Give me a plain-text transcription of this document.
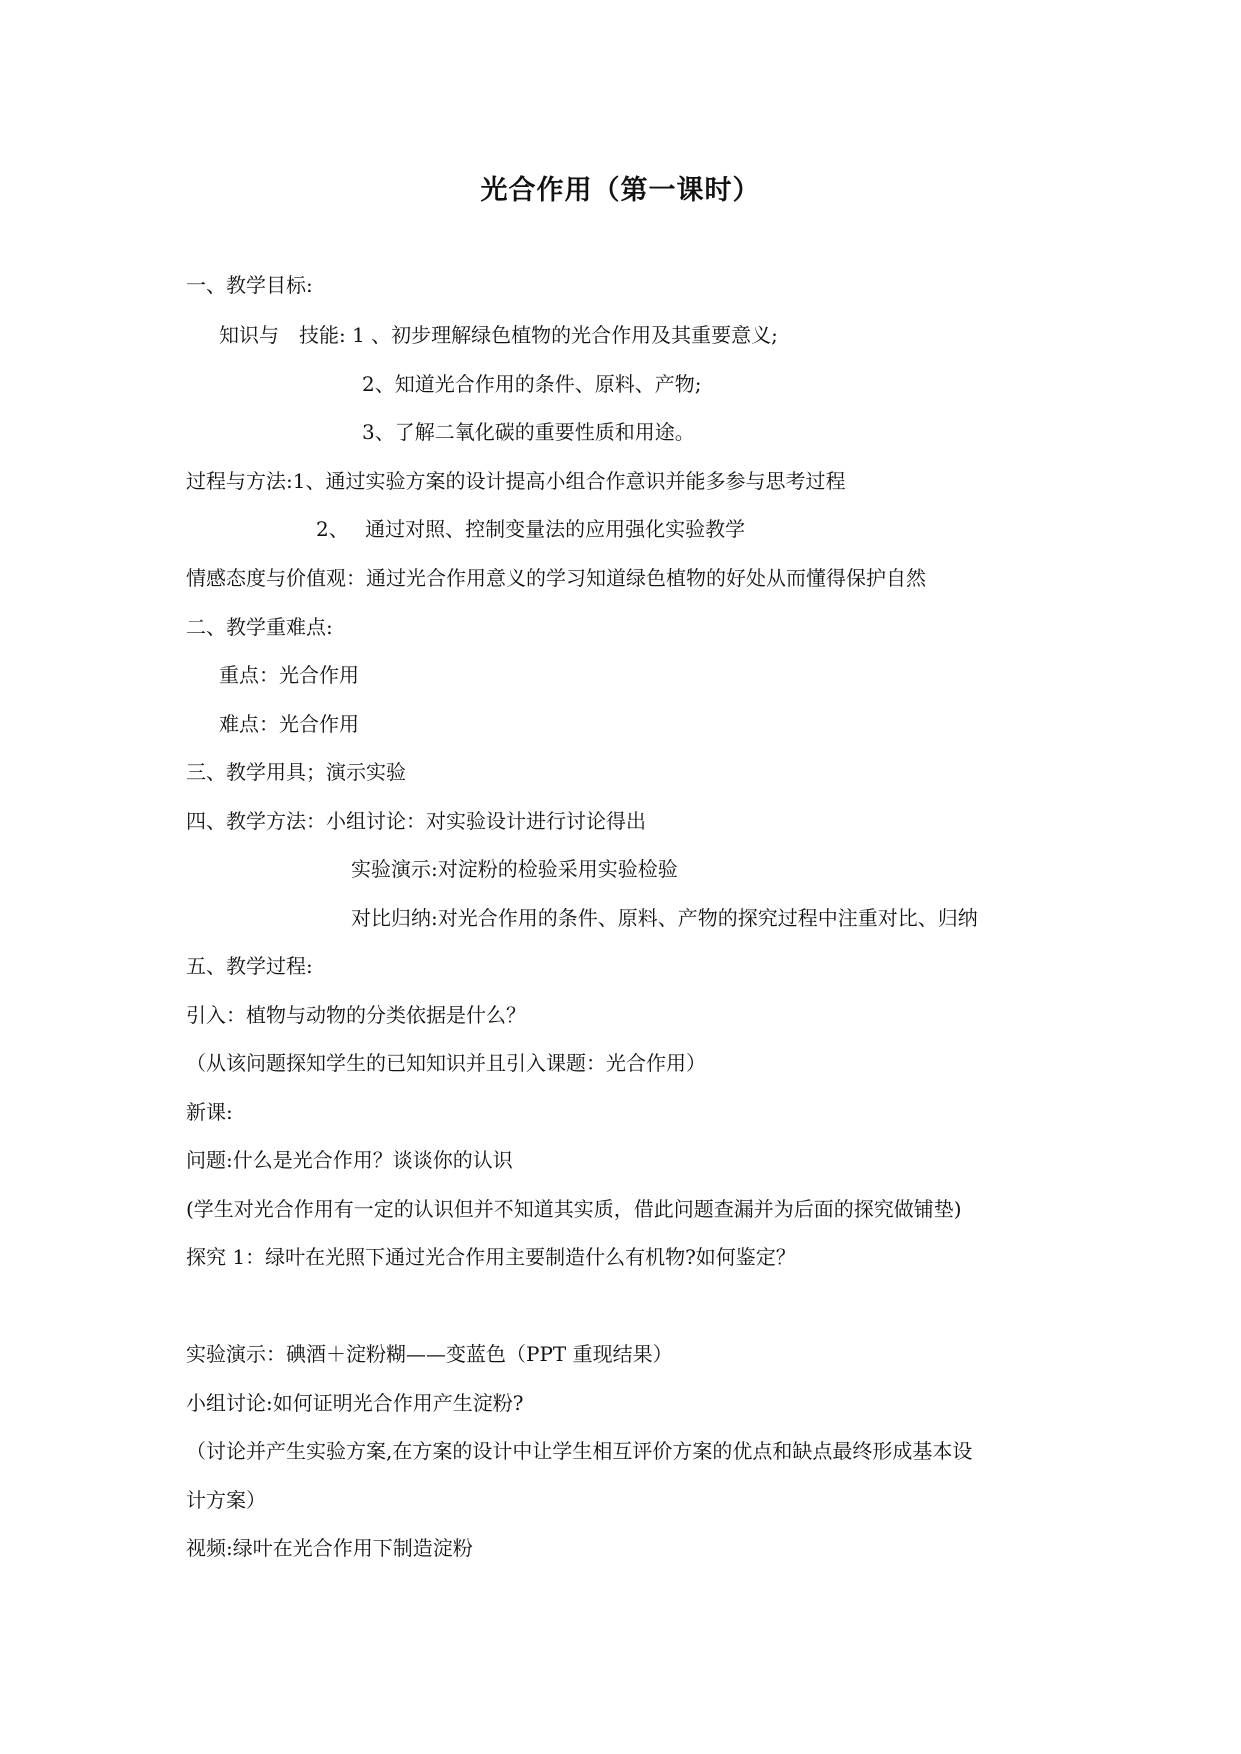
光合作用（第一课时）
一、教学目标:
知识与　技能: 1 、初步理解绿色植物的光合作用及其重要意义;
2、知道光合作用的条件、原料、产物;
3、了解二氧化碳的重要性质和用途。
过程与方法:1、通过实验方案的设计提高小组合作意识并能多参与思考过程
2、　 通过对照、控制变量法的应用强化实验教学
情感态度与价值观：通过光合作用意义的学习知道绿色植物的好处从而懂得保护自然
二、教学重难点:
重点：光合作用
难点：光合作用
三、教学用具；演示实验
四、教学方法：小组讨论：对实验设计进行讨论得出
实验演示:对淀粉的检验采用实验检验
对比归纳:对光合作用的条件、原料、产物的探究过程中注重对比、归纳
五、教学过程:
引入：植物与动物的分类依据是什么？
（从该问题探知学生的已知知识并且引入课题：光合作用）
新课:
问题:什么是光合作用？谈谈你的认识
(学生对光合作用有一定的认识但并不知道其实质，借此问题查漏并为后面的探究做铺垫)
探究 1：绿叶在光照下通过光合作用主要制造什么有机物?如何鉴定？
实验演示：碘酒＋淀粉糊——变蓝色（PPT 重现结果）
小组讨论:如何证明光合作用产生淀粉?
（讨论并产生实验方案,在方案的设计中让学生相互评价方案的优点和缺点最终形成基本设
计方案）
视频:绿叶在光合作用下制造淀粉
